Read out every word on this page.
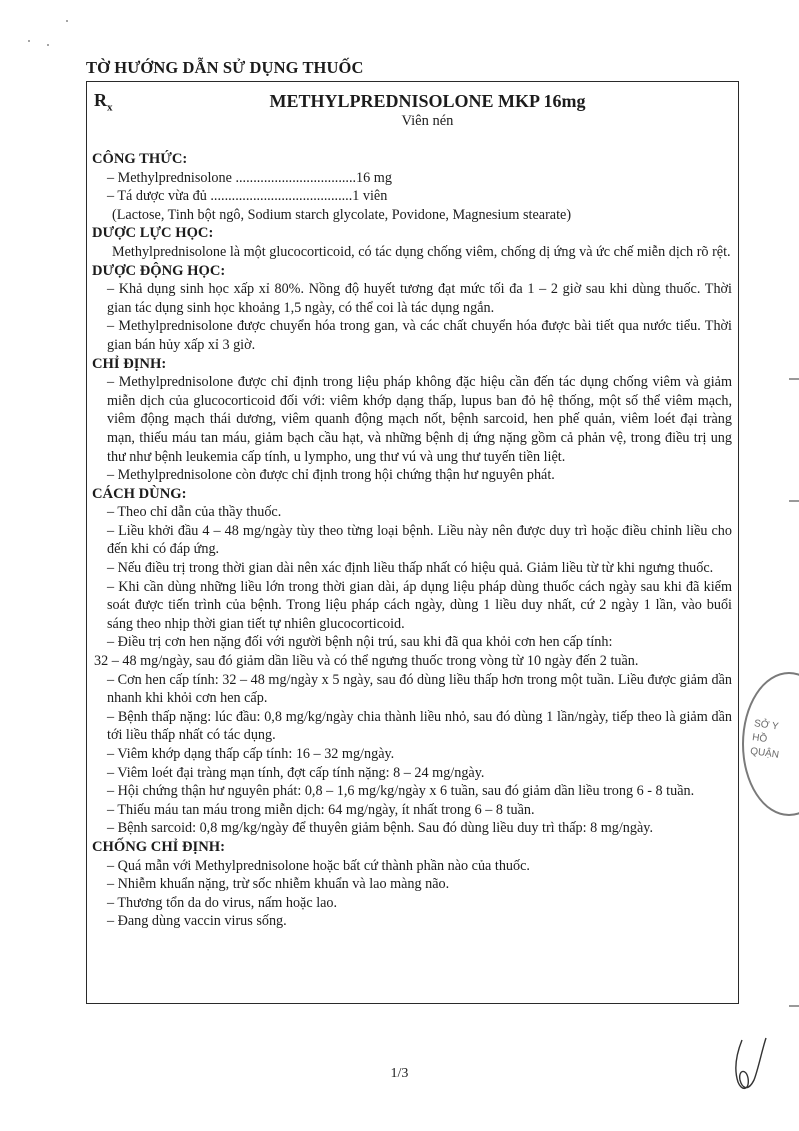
TỜ HƯỚNG DẪN SỬ DỤNG THUỐC

$R_x$	METHYLPREDNISOLONE MKP 16mg

Viên nén

CÔNG THỨC:

– Methylprednisolone ..................................16 mg

– Tá dược vừa đủ ........................................1 viên

(Lactose, Tinh bột ngô, Sodium starch glycolate, Povidone, Magnesium stearate)

DƯỢC LỰC HỌC:

Methylprednisolone là một glucocorticoid, có tác dụng chống viêm, chống dị ứng và ức chế miễn dịch rõ rệt.

DƯỢC ĐỘNG HỌC:

– Khả dụng sinh học xấp xỉ 80%. Nồng độ huyết tương đạt mức tối đa 1 – 2 giờ sau khi dùng thuốc. Thời gian tác dụng sinh học khoảng 1,5 ngày, có thể coi là tác dụng ngắn.

– Methylprednisolone được chuyển hóa trong gan, và các chất chuyển hóa được bài tiết qua nước tiểu. Thời gian bán hủy xấp xỉ 3 giờ.

CHỈ ĐỊNH:

– Methylprednisolone được chỉ định trong liệu pháp không đặc hiệu cần đến tác dụng chống viêm và giảm miễn dịch của glucocorticoid đối với: viêm khớp dạng thấp, lupus ban đỏ hệ thống, một số thể viêm mạch, viêm động mạch thái dương, viêm quanh động mạch nốt, bệnh sarcoid, hen phế quản, viêm loét đại tràng mạn, thiếu máu tan máu, giảm bạch cầu hạt, và những bệnh dị ứng nặng gồm cả phản vệ, trong điều trị ung thư như bệnh leukemia cấp tính, u lympho, ung thư vú và ung thư tuyến tiền liệt.

– Methylprednisolone còn được chỉ định trong hội chứng thận hư nguyên phát.

CÁCH DÙNG:

– Theo chỉ dẫn của thầy thuốc.

– Liều khởi đầu 4 – 48 mg/ngày tùy theo từng loại bệnh. Liều này nên được duy trì hoặc điều chỉnh liều cho đến khi có đáp ứng.

– Nếu điều trị trong thời gian dài nên xác định liều thấp nhất có hiệu quả. Giảm liều từ từ khi ngưng thuốc.

– Khi cần dùng những liều lớn trong thời gian dài, áp dụng liệu pháp dùng thuốc cách ngày sau khi đã kiểm soát được tiến trình của bệnh. Trong liệu pháp cách ngày, dùng 1 liều duy nhất, cứ 2 ngày 1 lần, vào buổi sáng theo nhịp thời gian tiết tự nhiên glucocorticoid.

– Điều trị cơn hen nặng đối với người bệnh nội trú, sau khi đã qua khỏi cơn hen cấp tính:

32 – 48 mg/ngày, sau đó giảm dần liều và có thể ngưng thuốc trong vòng từ 10 ngày đến 2 tuần.

– Cơn hen cấp tính: 32 – 48 mg/ngày x 5 ngày, sau đó dùng liều thấp hơn trong một tuần. Liều được giảm dần nhanh khi khỏi cơn hen cấp.

– Bệnh thấp nặng: lúc đầu: 0,8 mg/kg/ngày chia thành liều nhỏ, sau đó dùng 1 lần/ngày, tiếp theo là giảm dần tới liều thấp nhất có tác dụng.

– Viêm khớp dạng thấp cấp tính: 16 – 32 mg/ngày.

– Viêm loét đại tràng mạn tính, đợt cấp tính nặng: 8 – 24 mg/ngày.

– Hội chứng thận hư nguyên phát: 0,8 – 1,6 mg/kg/ngày x 6 tuần, sau đó giảm dần liều trong 6 - 8 tuần.

– Thiếu máu tan máu trong miễn dịch: 64 mg/ngày, ít nhất trong 6 – 8 tuần.

– Bệnh sarcoid: 0,8 mg/kg/ngày để thuyên giảm bệnh. Sau đó dùng liều duy trì thấp: 8 mg/ngày.

CHỐNG CHỈ ĐỊNH:

– Quá mẫn với Methylprednisolone hoặc bất cứ thành phần nào của thuốc.

– Nhiễm khuẩn nặng, trừ sốc nhiễm khuẩn và lao màng não.

– Thương tổn da do virus, nấm hoặc lao.

– Đang dùng vaccin virus sống.

SỞ Y
HỒ
QUẬN

1/3
